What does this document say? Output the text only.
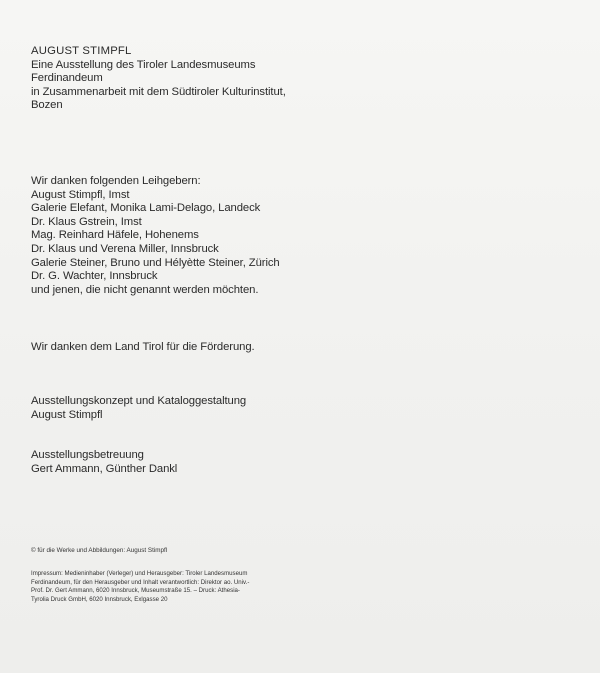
AUGUST STIMPFL
Eine Ausstellung des Tiroler Landesmuseums
Ferdinandeum
in Zusammenarbeit mit dem Südtiroler Kulturinstitut,
Bozen
Wir danken folgenden Leihgebern:
August Stimpfl, Imst
Galerie Elefant, Monika Lami-Delago, Landeck
Dr. Klaus Gstrein, Imst
Mag. Reinhard Häfele, Hohenems
Dr. Klaus und Verena Miller, Innsbruck
Galerie Steiner, Bruno und Hélyètte Steiner, Zürich
Dr. G. Wachter, Innsbruck
und jenen, die nicht genannt werden möchten.
Wir danken dem Land Tirol für die Förderung.
Ausstellungskonzept und Kataloggestaltung
August Stimpfl
Ausstellungsbetreuung
Gert Ammann, Günther Dankl
© für die Werke und Abbildungen: August Stimpfl
Impressum: Medieninhaber (Verleger) und Herausgeber: Tiroler Landesmuseum
Ferdinandeum, für den Herausgeber und Inhalt verantwortlich: Direktor ao. Univ.-
Prof. Dr. Gert Ammann, 6020 Innsbruck, Museumstraße 15. – Druck: Athesia-
Tyrolia Druck GmbH, 6020 Innsbruck, Exlgasse 20
